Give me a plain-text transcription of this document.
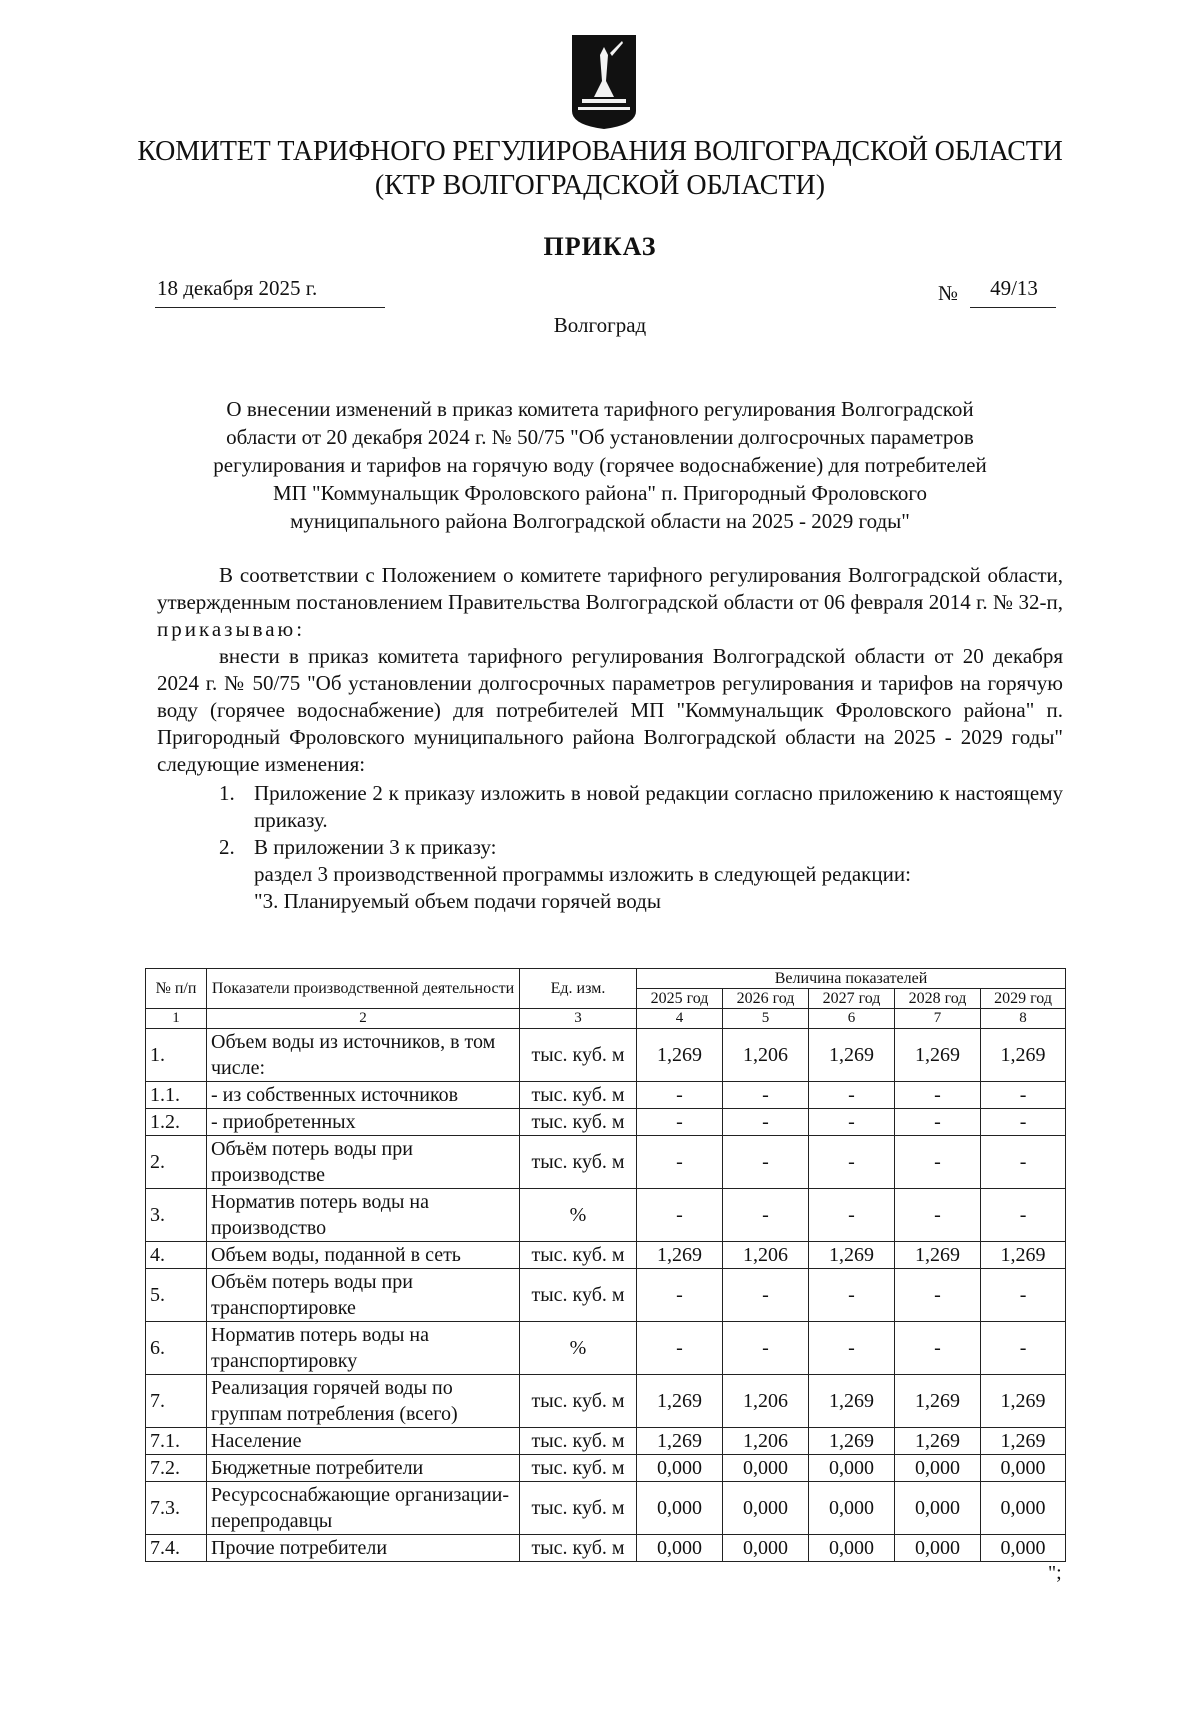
КОМИТЕТ ТАРИФНОГО РЕГУЛИРОВАНИЯ ВОЛГОГРАДСКОЙ ОБЛАСТИ
(КТР ВОЛГОГРАДСКОЙ ОБЛАСТИ)
ПРИКАЗ
18 декабря 2025 г.	№	49/13
Волгоград
О внесении изменений в приказ комитета тарифного регулирования Волгоградской
области от 20 декабря 2024 г. № 50/75 "Об установлении долгосрочных параметров
регулирования и тарифов на горячую воду (горячее водоснабжение) для потребителей
МП "Коммунальщик Фроловского района" п. Пригородный Фроловского
муниципального района Волгоградской области на 2025 - 2029 годы"

В соответствии с Положением о комитете тарифного регулирования Волгоградской области, утвержденным постановлением Правительства Волгоградской области от 06 февраля 2014 г. № 32-п, приказываю:

внести в приказ комитета тарифного регулирования Волгоградской области от 20 декабря 2024 г. № 50/75 "Об установлении долгосрочных параметров регулирования и тарифов на горячую воду (горячее водоснабжение) для потребителей МП "Коммунальщик Фроловского района" п. Пригородный Фроловского муниципального района Волгоградской области на 2025 - 2029 годы" следующие изменения:

1. Приложение 2 к приказу изложить в новой редакции согласно приложению к настоящему приказу.
2. В приложении 3 к приказу:
раздел 3 производственной программы изложить в следующей редакции:
"3. Планируемый объем подачи горячей воды
№ п/п	Показатели производственной деятельности	Ед. изм.	Величина показателей				
			2025 год	2026 год	2027 год	2028 год	2029 год
1	2	3	4	5	6	7	8
1.	Объем воды из источников, в том числе:	тыс. куб. м	1,269	1,206	1,269	1,269	1,269
1.1.	- из собственных источников	тыс. куб. м	-	-	-	-	-
1.2.	- приобретенных	тыс. куб. м	-	-	-	-	-
2.	Объём потерь воды при производстве	тыс. куб. м	-	-	-	-	-
3.	Норматив потерь воды на производство	%	-	-	-	-	-
4.	Объем воды, поданной в сеть	тыс. куб. м	1,269	1,206	1,269	1,269	1,269
5.	Объём потерь воды при транспортировке	тыс. куб. м	-	-	-	-	-
6.	Норматив потерь воды на транспортировку	%	-	-	-	-	-
7.	Реализация горячей воды по группам потребления (всего)	тыс. куб. м	1,269	1,206	1,269	1,269	1,269
7.1.	Население	тыс. куб. м	1,269	1,206	1,269	1,269	1,269
7.2.	Бюджетные потребители	тыс. куб. м	0,000	0,000	0,000	0,000	0,000
7.3.	Ресурсоснабжающие организации-перепродавцы	тыс. куб. м	0,000	0,000	0,000	0,000	0,000
7.4.	Прочие потребители	тыс. куб. м	0,000	0,000	0,000	0,000	0,000
";
